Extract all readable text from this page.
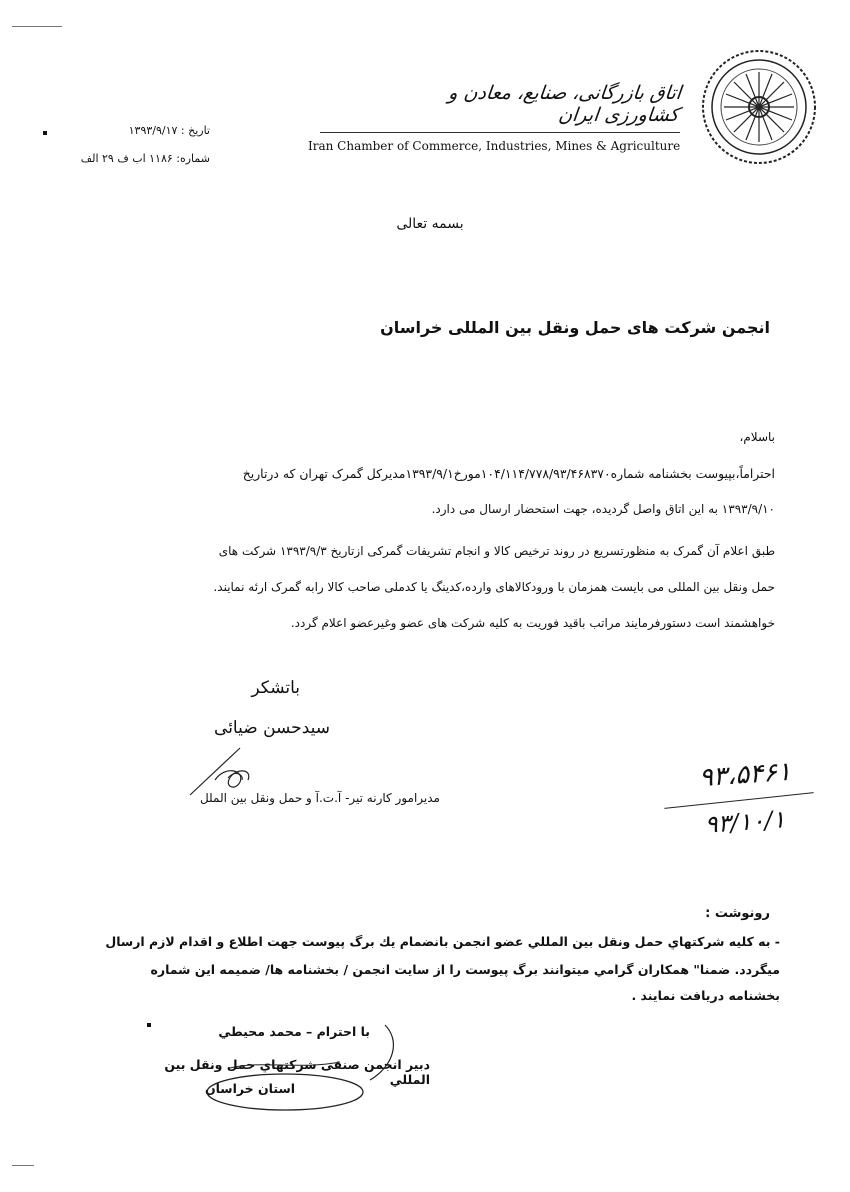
تاریخ : ۱۳۹۳/۹/۱۷
شماره: ۱۱۸۶ اب ف ۲۹ الف
اتاق بازرگانی، صنایع، معادن و کشاورزی ایران
Iran Chamber of Commerce, Industries, Mines & Agriculture
بسمه تعالی
انجمن شرکت های حمل ونقل بین المللی خراسان
باسلام،
احتراماً،بپیوست بخشنامه شماره۱۰۴/۱۱۴/۷۷۸/۹۳/۴۶۸۳۷۰مورخ۱۳۹۳/۹/۱مدیرکل گمرک تهران که درتاریخ
۱۳۹۳/۹/۱۰ به این اتاق واصل گردیده، جهت استحضار ارسال می دارد.
طبق اعلام آن گمرک به منظورتسریع در روند ترخیص کالا و انجام تشریفات گمرکی ازتاریخ ۱۳۹۳/۹/۳ شرکت های
حمل ونقل بین المللی می بایست همزمان با ورودکالاهای وارده،کدینگ یا کدملی صاحب کالا رابه گمرک ارئه نمایند.
خواهشمند است دستورفرمایند مراتب باقید فوریت به کلیه شرکت های عضو وغیرعضو اعلام گردد.
باتشکر
سیدحسن ضیائی
مدیرامور کارنه تیر- آ.ت.آ و حمل ونقل بین الملل
۹۳،۵۴۶۱
۹۳/۱۰/۱
رونوشت :
- به کلیه شرکتهاي حمل ونقل بین المللي عضو انجمن بانضمام یك برگ پیوست جهت اطلاع و اقدام لازم ارسال
میگردد. ضمنا" همکاران گرامي میتوانند برگ پیوست را از سایت انجمن / بخشنامه ها/ ضمیمه این شماره
بخشنامه دریافت نمایند .
با احترام – محمد محیطي
دبیر انجمن صنفی شرکتهاي حمل ونقل بین المللي
استان خراسان
